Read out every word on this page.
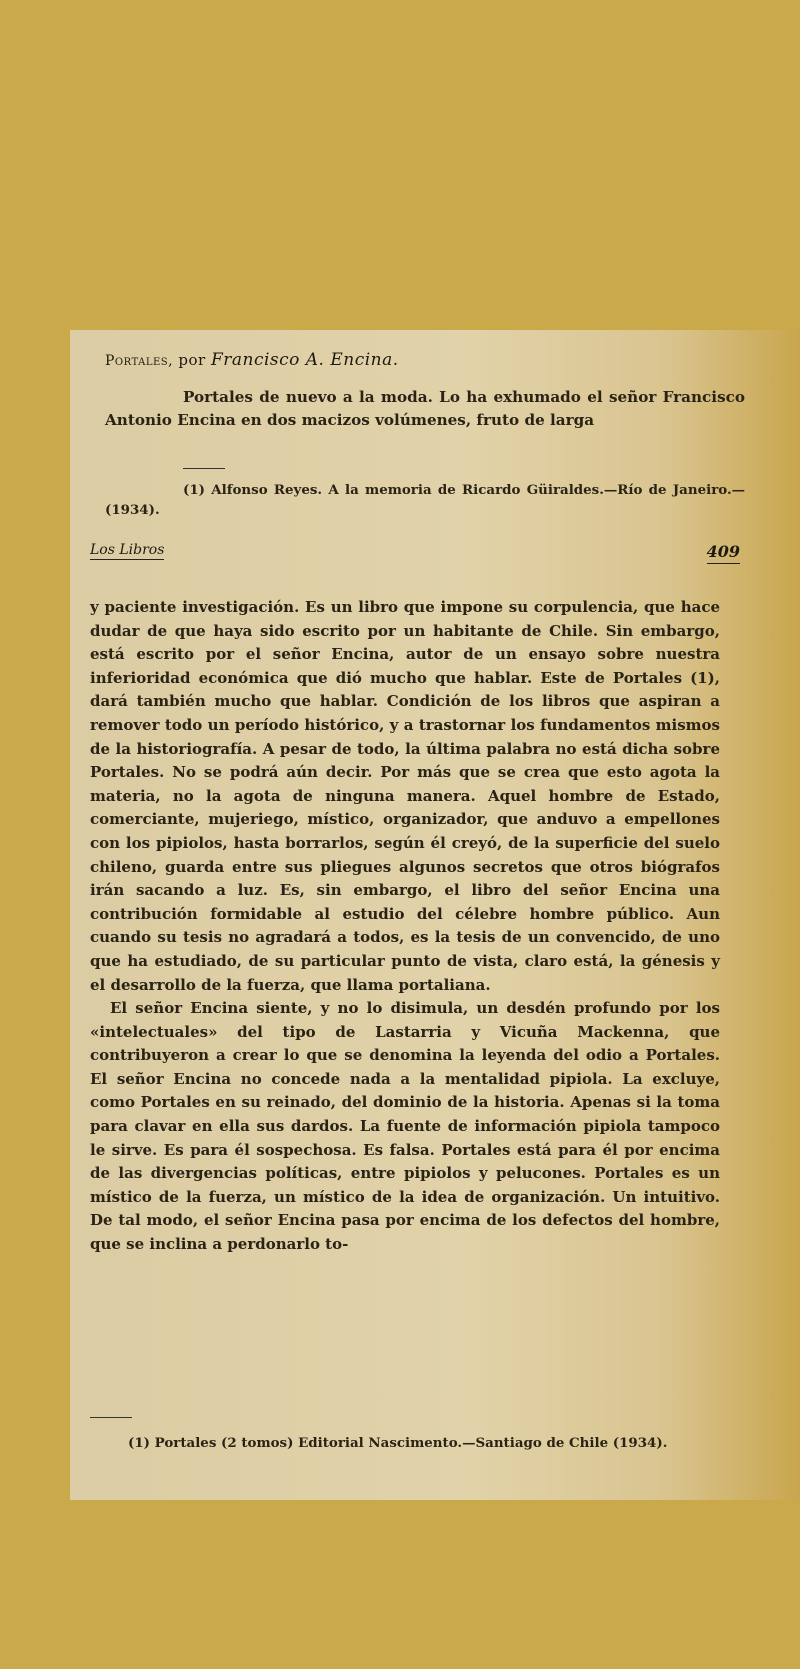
Portales, por Francisco A. Encina.
Portales de nuevo a la moda. Lo ha exhumado el señor Francisco Antonio Encina en dos macizos volúmenes, fruto de larga
(1) Alfonso Reyes. A la memoria de Ricardo Güiraldes.—Río de Janeiro.—(1934).
Los Libros	409

y paciente investigación. Es un libro que impone su corpulencia, que hace dudar de que haya sido escrito por un habitante de Chile. Sin embargo, está escrito por el señor Encina, autor de un ensayo sobre nuestra inferioridad económica que dió mucho que hablar. Este de Portales (1), dará también mucho que hablar. Condición de los libros que aspiran a remover todo un período histórico, y a trastornar los fundamentos mismos de la historiografía. A pesar de todo, la última palabra no está dicha sobre Portales. No se podrá aún decir. Por más que se crea que esto agota la materia, no la agota de ninguna manera. Aquel hombre de Estado, comerciante, mujeriego, místico, organizador, que anduvo a empellones con los pipiolos, hasta borrarlos, según él creyó, de la superficie del suelo chileno, guarda entre sus pliegues algunos secretos que otros biógrafos irán sacando a luz. Es, sin embargo, el libro del señor Encina una contribución formidable al estudio del célebre hombre público. Aun cuando su tesis no agradará a todos, es la tesis de un convencido, de uno que ha estudiado, de su particular punto de vista, claro está, la génesis y el desarrollo de la fuerza, que llama portaliana.

El señor Encina siente, y no lo disimula, un desdén profundo por los «intelectuales» del tipo de Lastarria y Vicuña Mackenna, que contribuyeron a crear lo que se denomina la leyenda del odio a Portales. El señor Encina no concede nada a la mentalidad pipiola. La excluye, como Portales en su reinado, del dominio de la historia. Apenas si la toma para clavar en ella sus dardos. La fuente de información pipiola tampoco le sirve. Es para él sospechosa. Es falsa. Portales está para él por encima de las divergencias políticas, entre pipiolos y pelucones. Portales es un místico de la fuerza, un místico de la idea de organización. Un intuitivo. De tal modo, el señor Encina pasa por encima de los defectos del hombre, que se inclina a perdonarlo to-

(1) Portales (2 tomos) Editorial Nascimento.—Santiago de Chile (1934).
